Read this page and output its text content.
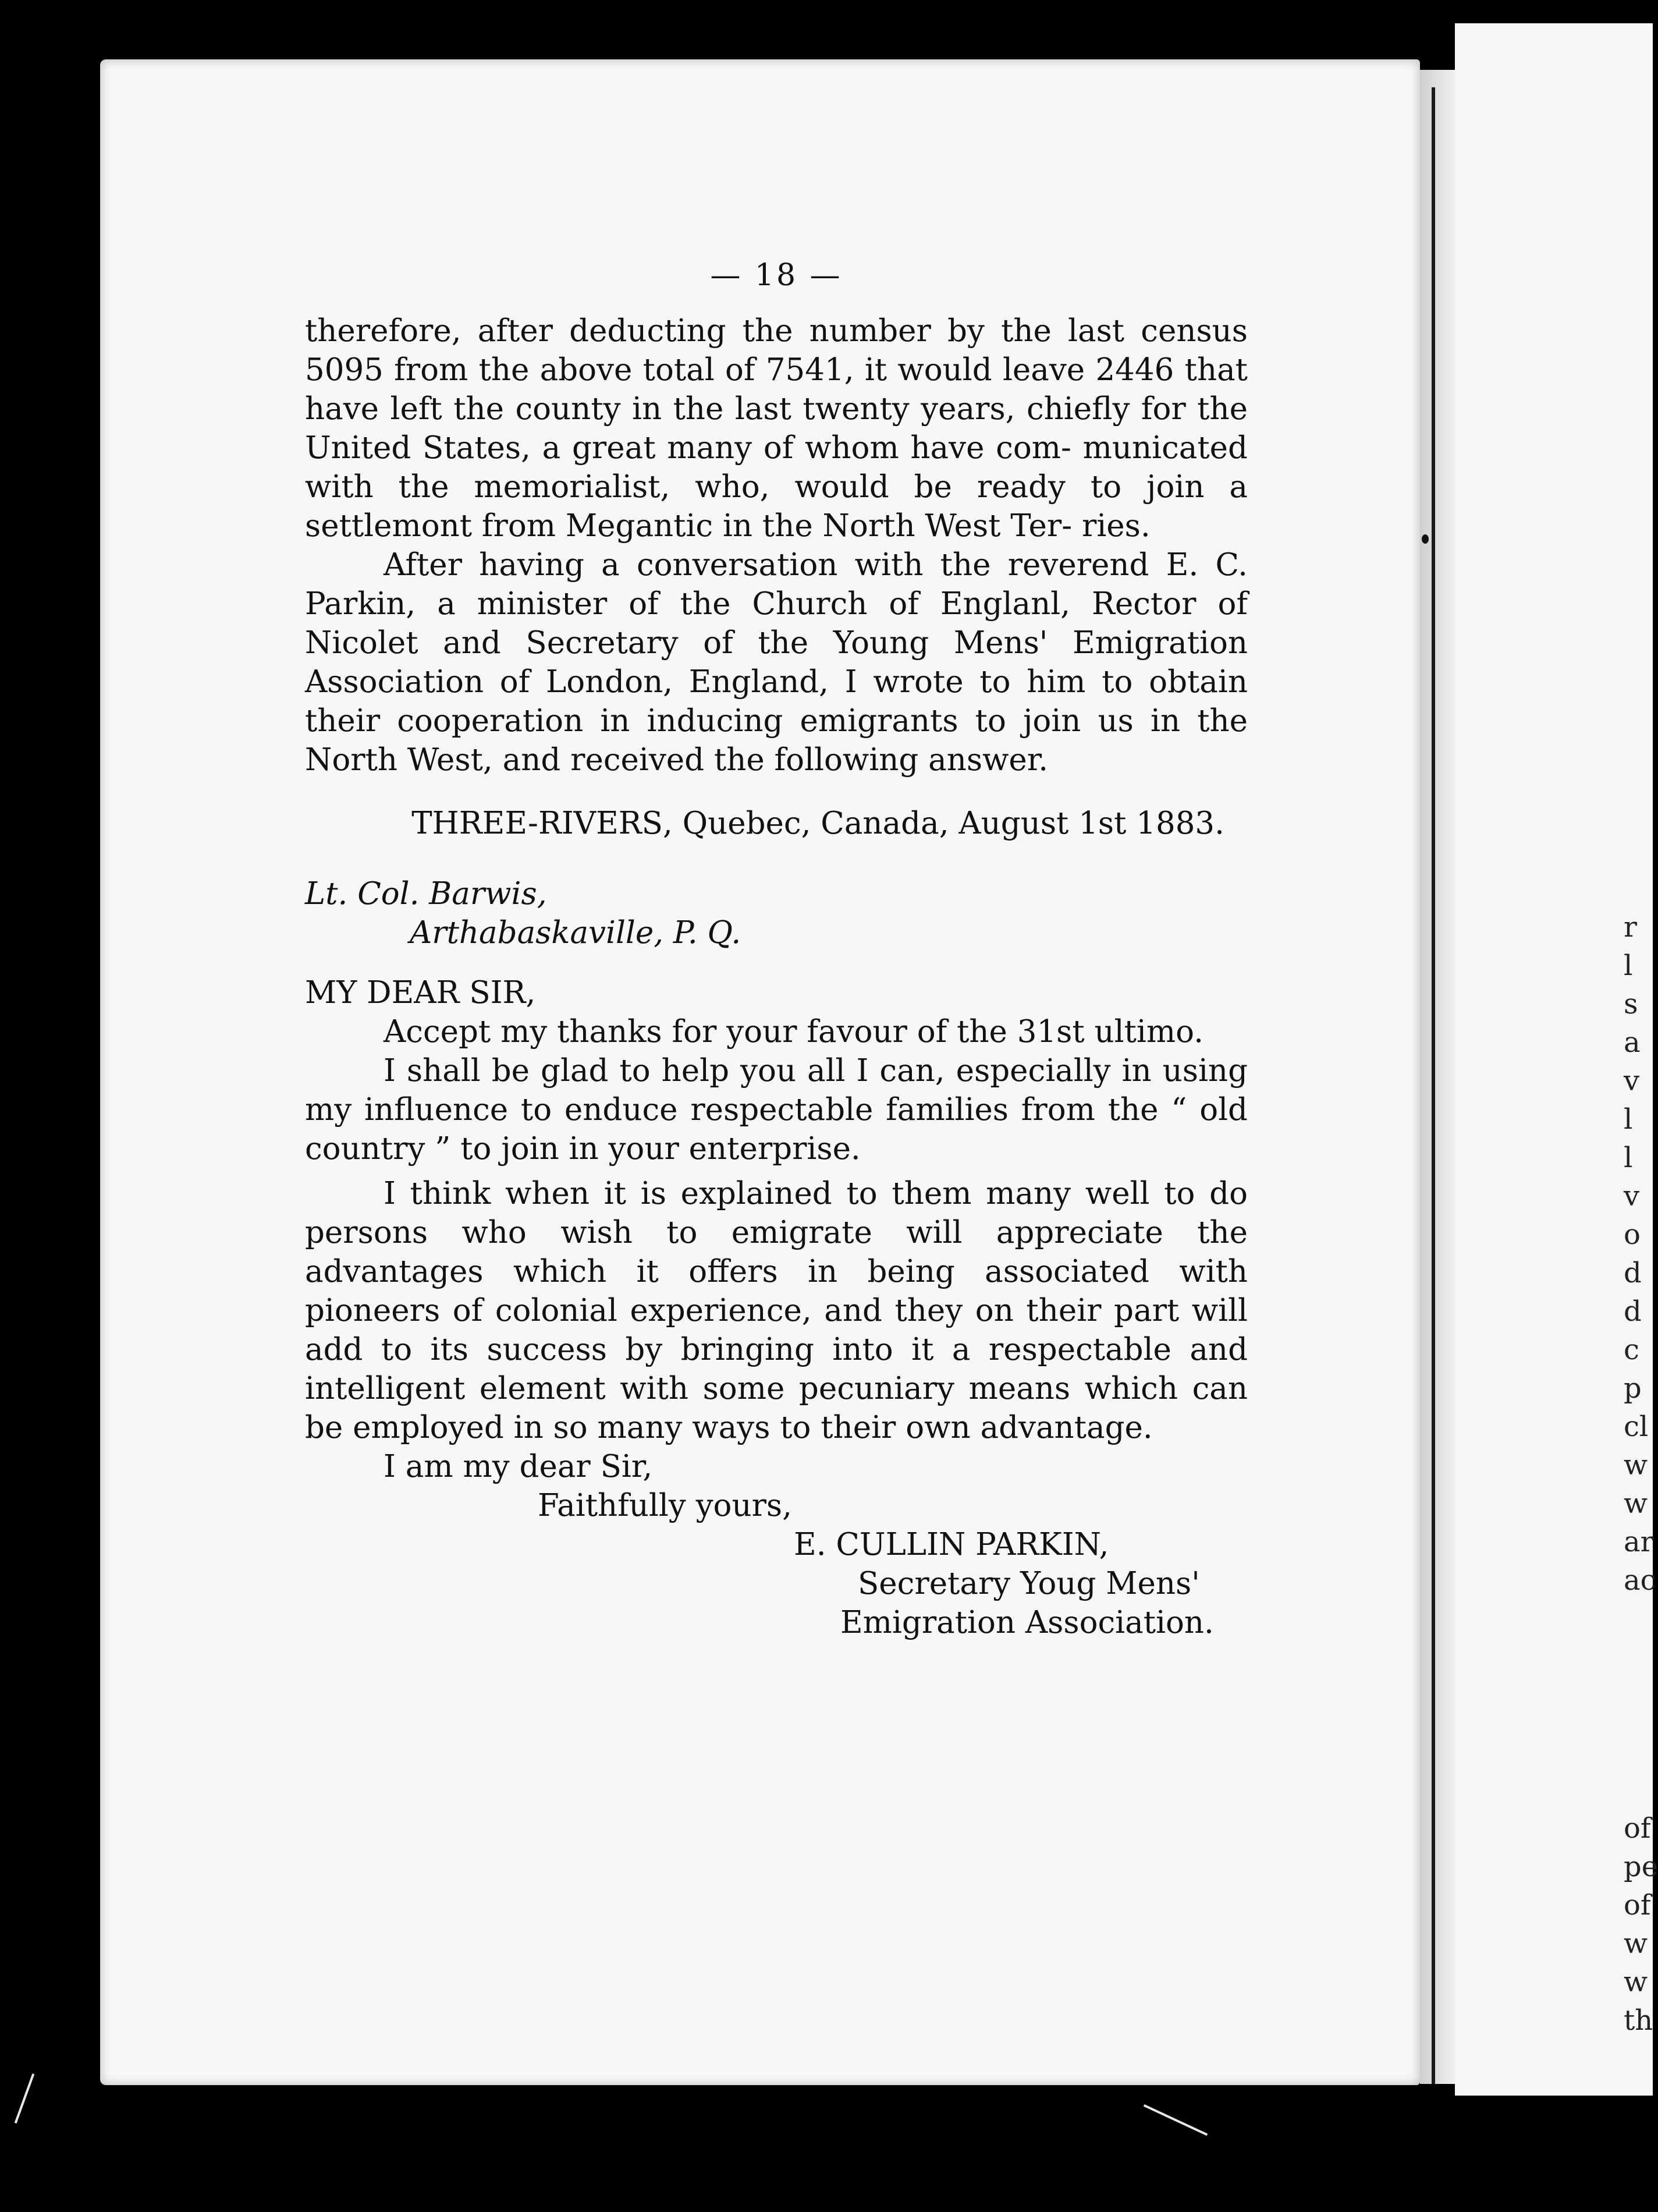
— 18 —

therefore, after deducting the number by the last census 5095 from the above total of 7541, it would leave 2446 that have left the county in the last twenty years, chiefly for the United States, a great many of whom have com- municated with the memorialist, who, would be ready to join a settlemont from Megantic in the North West Ter- ries.

After having a conversation with the reverend E. C. Parkin, a minister of the Church of Englanl, Rector of Nicolet and Secretary of the Young Mens' Emigration Association of London, England, I wrote to him to obtain their cooperation in inducing emigrants to join us in the North West, and received the following answer.

THREE-RIVERS, Quebec, Canada, August 1st 1883.
Lt. Col. Barwis,
Arthabaskaville, P. Q.
MY DEAR SIR,

Accept my thanks for your favour of the 31st ultimo.

I shall be glad to help you all I can, especially in using my influence to enduce respectable families from the “ old country ” to join in your enterprise.

I think when it is explained to them many well to do persons who wish to emigrate will appreciate the advantages which it offers in being associated with pioneers of colonial experience, and they on their part will add to its success by bringing into it a respectable and intelligent element with some pecuniary means which can be employed in so many ways to their own advantage.

I am my dear Sir,
Faithfully yours,
E. CULLIN PARKIN,
Secretary Youg Mens'
Emigration Association.
r
l
s
a
v
l
l
v
o
d
d
c
p
cl
w
w
ar
ac
of
pe
of
w
w
th
